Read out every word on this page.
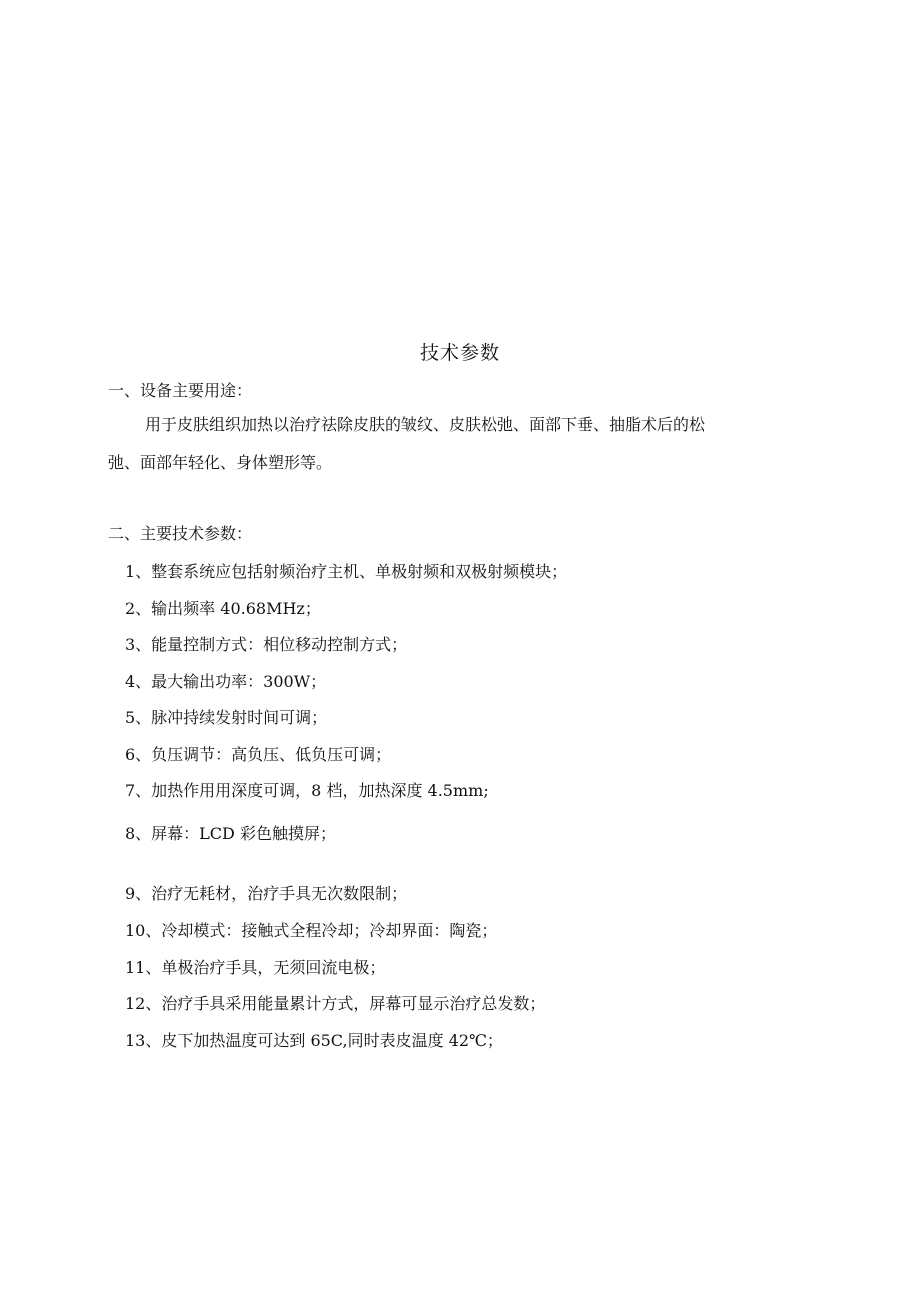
技术参数
一、设备主要用途：
用于皮肤组织加热以治疗祛除皮肤的皱纹、皮肤松弛、面部下垂、抽脂术后的松
弛、面部年轻化、身体塑形等。
二、主要技术参数：
1、整套系统应包括射频治疗主机、单极射频和双极射频模块；
2、输出频率 40.68MHz；
3、能量控制方式：相位移动控制方式；
4、最大输出功率：300W；
5、脉冲持续发射时间可调；
6、负压调节：高负压、低负压可调；
7、加热作用用深度可调，8 档，加热深度 4.5mm;
8、屏幕：LCD 彩色触摸屏；
9、治疗无耗材，治疗手具无次数限制；
10、冷却模式：接触式全程冷却；冷却界面：陶瓷；
11、单极治疗手具，无须回流电极；
12、治疗手具采用能量累计方式，屏幕可显示治疗总发数；
13、皮下加热温度可达到 65C,同时表皮温度 42℃；
